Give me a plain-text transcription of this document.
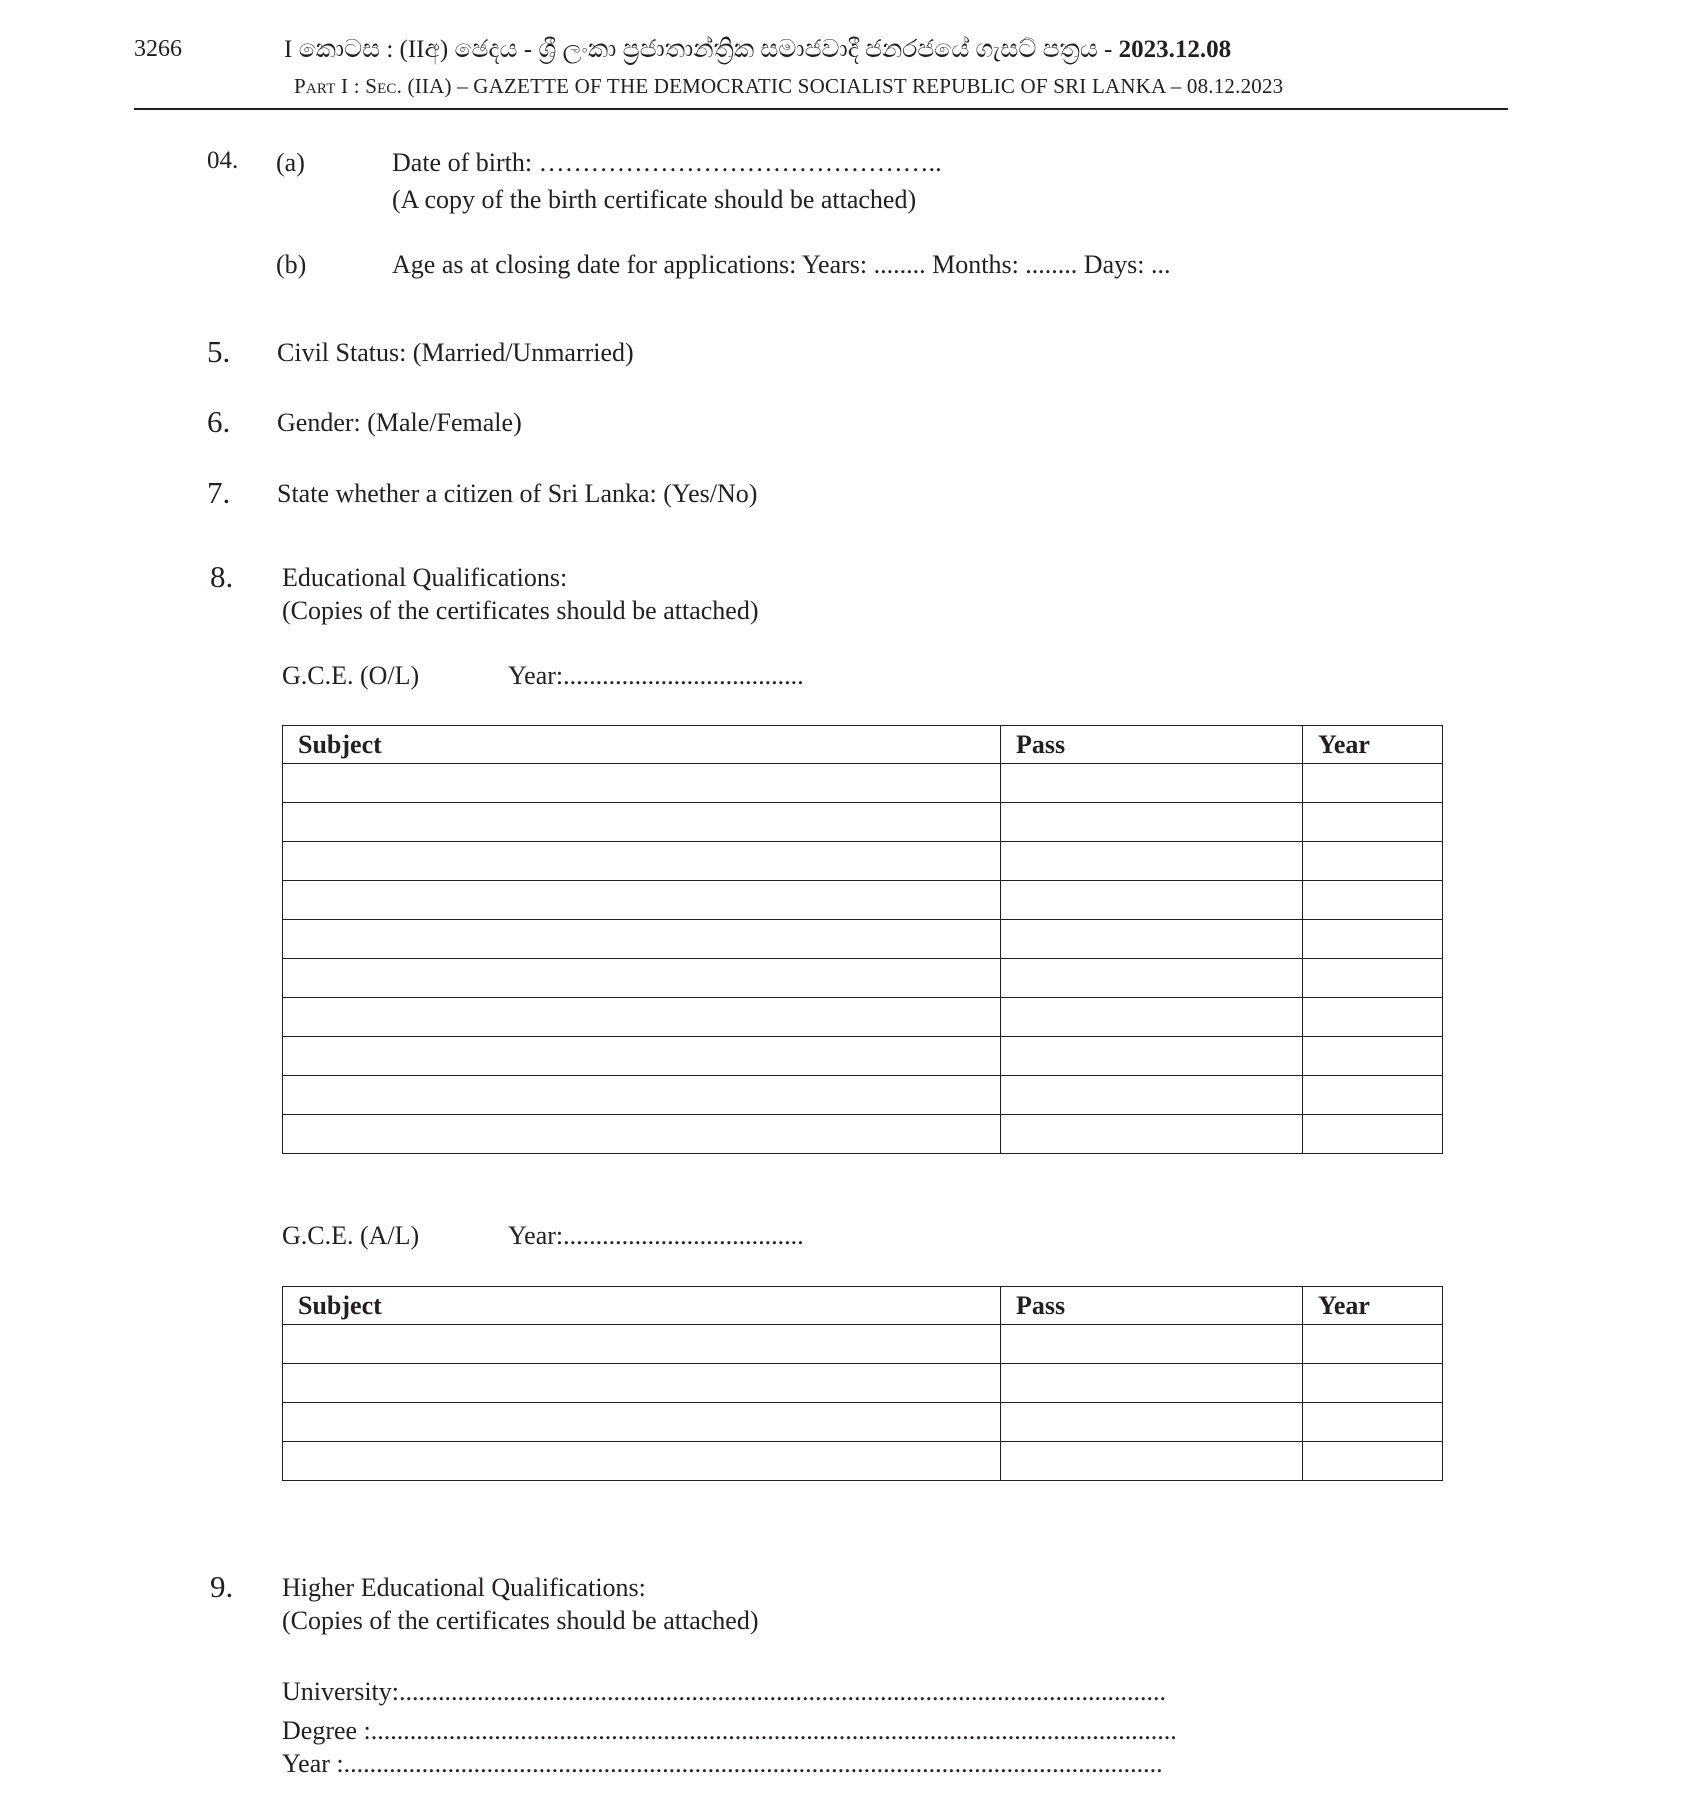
3266	I කොටස : (IIඅ) ඡෙදය - ශ්‍රී ලංකා ප්‍රජාතාන්ත්‍රික සමාජවාදී ජනරජයේ ගැසට් පත්‍රය - 2023.12.08
Part I : Sec. (IIA) – GAZETTE OF THE DEMOCRATIC SOCIALIST REPUBLIC OF SRI LANKA – 08.12.2023
04. (a)	Date of birth: ………………………………………..
(A copy of the birth certificate should be attached)
(b)	Age as at closing date for applications: Years: ........ Months: ........ Days: ...
5. Civil Status: (Married/Unmarried)
6. Gender: (Male/Female)
7. State whether a citizen of Sri Lanka: (Yes/No)
8. Educational Qualifications:
(Copies of the certificates should be attached)
G.C.E. (O/L)	Year:.....................................
Subject	Pass	Year

G.C.E. (A/L)	Year:.....................................
Subject	Pass	Year

9. Higher Educational Qualifications:
(Copies of the certificates should be attached)
University:......................................................................................................................
Degree :............................................................................................................................
Year :..............................................................................................................................
